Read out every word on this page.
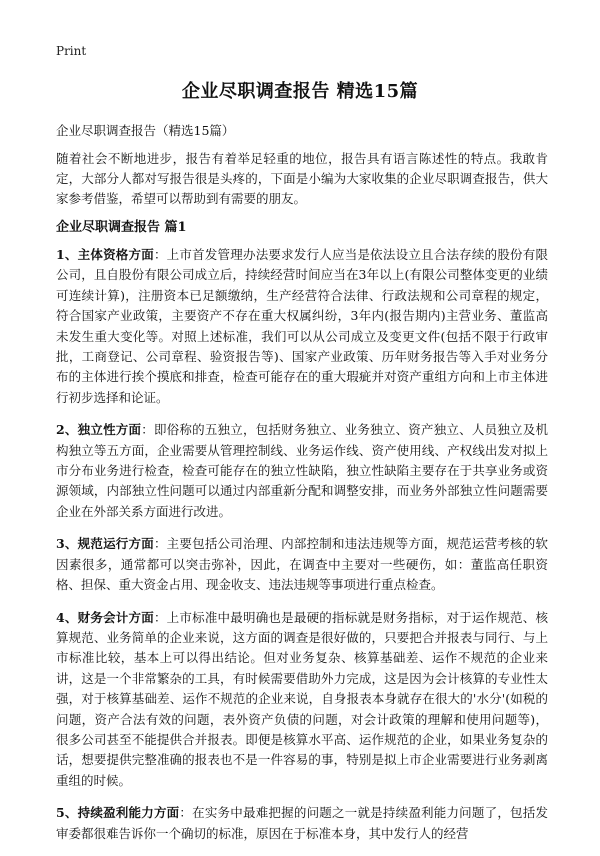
Print
企业尽职调查报告 精选15篇
企业尽职调查报告（精选15篇）

随着社会不断地进步，报告有着举足轻重的地位，报告具有语言陈述性的特点。我敢肯定，大部分人都对写报告很是头疼的，下面是小编为大家收集的企业尽职调查报告，供大家参考借鉴，希望可以帮助到有需要的朋友。

企业尽职调查报告 篇1

1、主体资格方面：上市首发管理办法要求发行人应当是依法设立且合法存续的股份有限公司，且自股份有限公司成立后，持续经营时间应当在3年以上(有限公司整体变更的业绩可连续计算)，注册资本已足额缴纳，生产经营符合法律、行政法规和公司章程的规定，符合国家产业政策，主要资产不存在重大权属纠纷，3年内(报告期内)主营业务、董监高未发生重大变化等。对照上述标准，我们可以从公司成立及变更文件(包括不限于行政审批，工商登记、公司章程、验资报告等)、国家产业政策、历年财务报告等入手对业务分布的主体进行挨个摸底和排查，检查可能存在的重大瑕疵并对资产重组方向和上市主体进行初步选择和论证。

2、独立性方面：即俗称的五独立，包括财务独立、业务独立、资产独立、人员独立及机构独立等五方面，企业需要从管理控制线、业务运作线、资产使用线、产权线出发对拟上市分布业务进行检查，检查可能存在的独立性缺陷，独立性缺陷主要存在于共享业务或资源领域，内部独立性问题可以通过内部重新分配和调整安排，而业务外部独立性问题需要企业在外部关系方面进行改进。

3、规范运行方面：主要包括公司治理、内部控制和违法违规等方面，规范运营考核的软因素很多，通常都可以突击弥补，因此，在调查中主要对一些硬伤，如：董监高任职资格、担保、重大资金占用、现金收支、违法违规等事项进行重点检查。

4、财务会计方面：上市标准中最明确也是最硬的指标就是财务指标，对于运作规范、核算规范、业务简单的企业来说，这方面的调查是很好做的，只要把合并报表与同行、与上市标准比较，基本上可以得出结论。但对业务复杂、核算基础差、运作不规范的企业来讲，这是一个非常繁杂的工具，有时候需要借助外力完成，这是因为会计核算的专业性太强，对于核算基础差、运作不规范的企业来说，自身报表本身就存在很大的'水分'(如税的问题，资产合法有效的问题，表外资产负债的问题，对会计政策的理解和使用问题等)，很多公司甚至不能提供合并报表。即便是核算水平高、运作规范的企业，如果业务复杂的话，想要提供完整准确的报表也不是一件容易的事，特别是拟上市企业需要进行业务剥离重组的时候。

5、持续盈利能力方面：在实务中最难把握的问题之一就是持续盈利能力问题了，包括发审委都很难告诉你一个确切的标准，原因在于标准本身，其中发行人的经营
